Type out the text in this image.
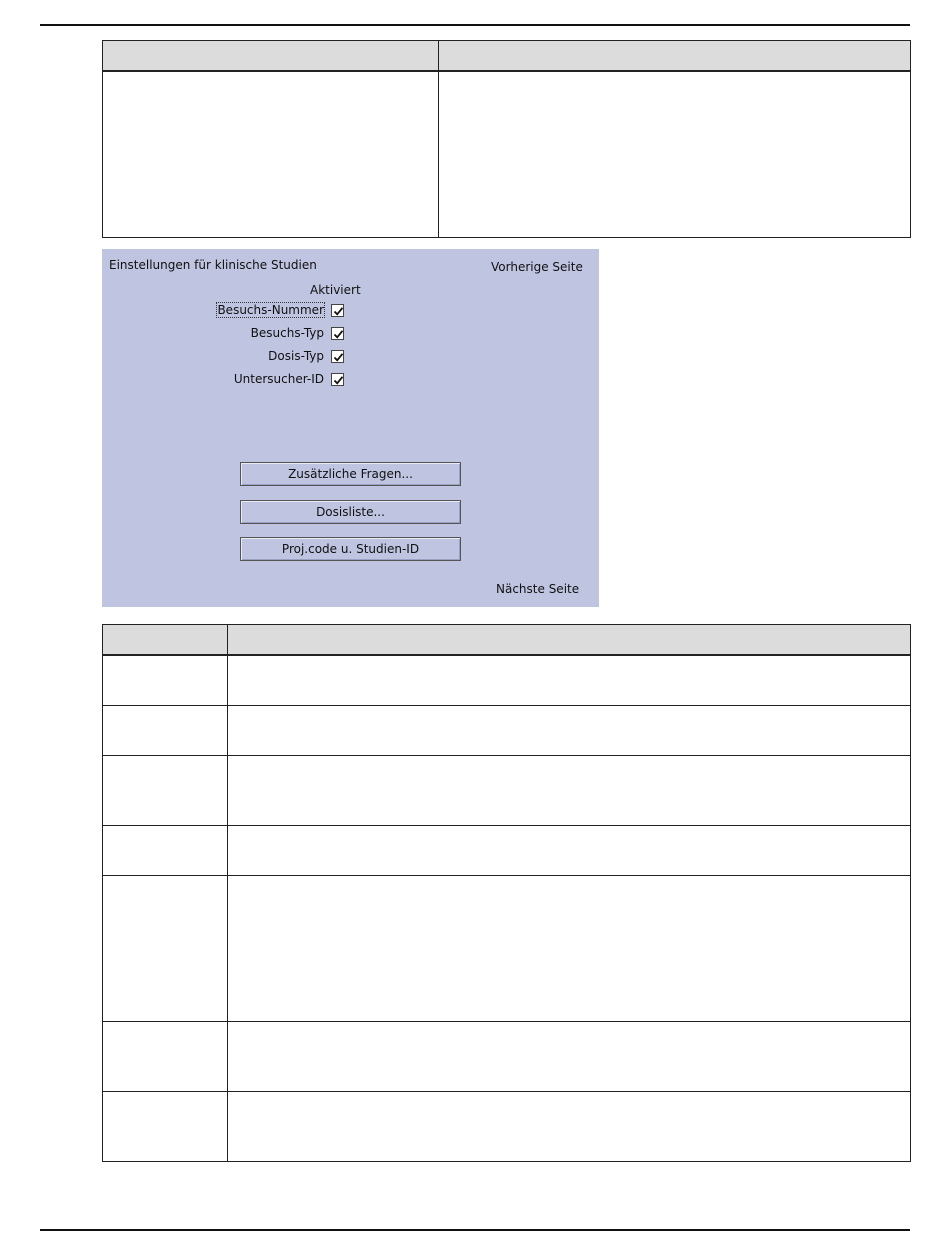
Einstellungen für klinische Studien	Vorherige Seite
Aktiviert
Besuchs-Nummer
Besuchs-Typ
Dosis-Typ
Untersucher-ID
Zusätzliche Fragen...
Dosisliste...
Proj.code u. Studien-ID
Nächste Seite
